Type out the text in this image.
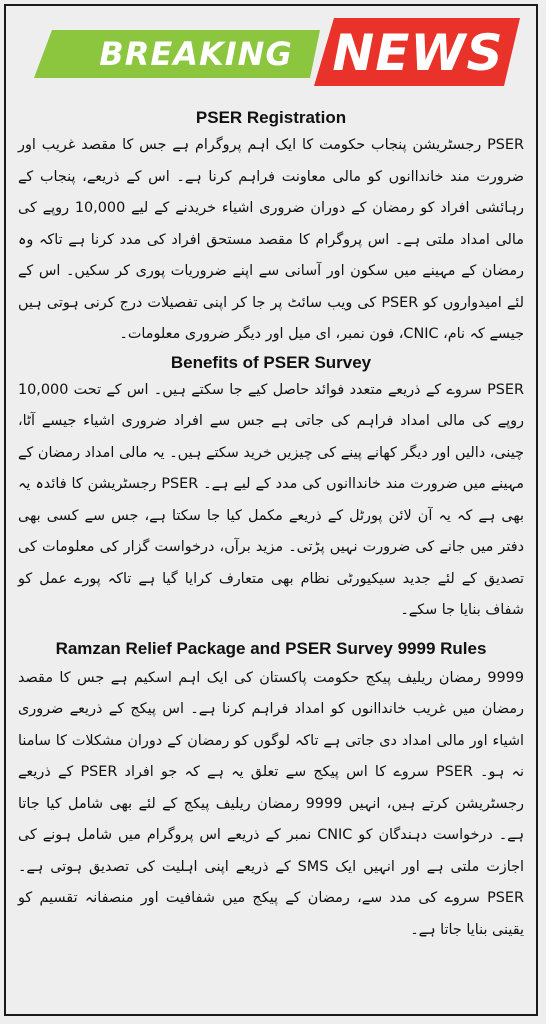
BREAKING NEWS
PSER Registration

PSER رجسٹریشن پنجاب حکومت کا ایک اہم پروگرام ہے جس کا مقصد غریب اور ضرورت مند خانداانوں کو مالی معاونت فراہم کرنا ہے۔ اس کے ذریعے، پنجاب کے رہائشی افراد کو رمضان کے دوران ضروری اشیاء خریدنے کے لیے 10,000 روپے کی مالی امداد ملتی ہے۔ اس پروگرام کا مقصد مستحق افراد کی مدد کرنا ہے تاکہ وہ رمضان کے مہینے میں سکون اور آسانی سے اپنے ضروریات پوری کر سکیں۔ اس کے لئے امیدواروں کو PSER کی ویب سائٹ پر جا کر اپنی تفصیلات درج کرنی ہوتی ہیں جیسے کہ نام، CNIC، فون نمبر، ای میل اور دیگر ضروری معلومات۔

Benefits of PSER Survey

PSER سروے کے ذریعے متعدد فوائد حاصل کیے جا سکتے ہیں۔ اس کے تحت 10,000 روپے کی مالی امداد فراہم کی جاتی ہے جس سے افراد ضروری اشیاء جیسے آٹا، چینی، دالیں اور دیگر کھانے پینے کی چیزیں خرید سکتے ہیں۔ یہ مالی امداد رمضان کے مہینے میں ضرورت مند خانداانوں کی مدد کے لیے ہے۔ PSER رجسٹریشن کا فائدہ یہ بھی ہے کہ یہ آن لائن پورٹل کے ذریعے مکمل کیا جا سکتا ہے، جس سے کسی بھی دفتر میں جانے کی ضرورت نہیں پڑتی۔ مزید برآں، درخواست گزار کی معلومات کی تصدیق کے لئے جدید سیکیورٹی نظام بھی متعارف کرایا گیا ہے تاکہ پورے عمل کو شفاف بنایا جا سکے۔

Ramzan Relief Package and PSER Survey 9999 Rules

9999 رمضان ریلیف پیکج حکومت پاکستان کی ایک اہم اسکیم ہے جس کا مقصد رمضان میں غریب خانداانوں کو امداد فراہم کرنا ہے۔ اس پیکج کے ذریعے ضروری اشیاء اور مالی امداد دی جاتی ہے تاکہ لوگوں کو رمضان کے دوران مشکلات کا سامنا نہ ہو۔ PSER سروے کا اس پیکج سے تعلق یہ ہے کہ جو افراد PSER کے ذریعے رجسٹریشن کرتے ہیں، انہیں 9999 رمضان ریلیف پیکج کے لئے بھی شامل کیا جاتا ہے۔ درخواست دہندگان کو CNIC نمبر کے ذریعے اس پروگرام میں شامل ہونے کی اجازت ملتی ہے اور انہیں ایک SMS کے ذریعے اپنی اہلیت کی تصدیق ہوتی ہے۔ PSER سروے کی مدد سے، رمضان کے پیکج میں شفافیت اور منصفانہ تقسیم کو یقینی بنایا جاتا ہے۔
